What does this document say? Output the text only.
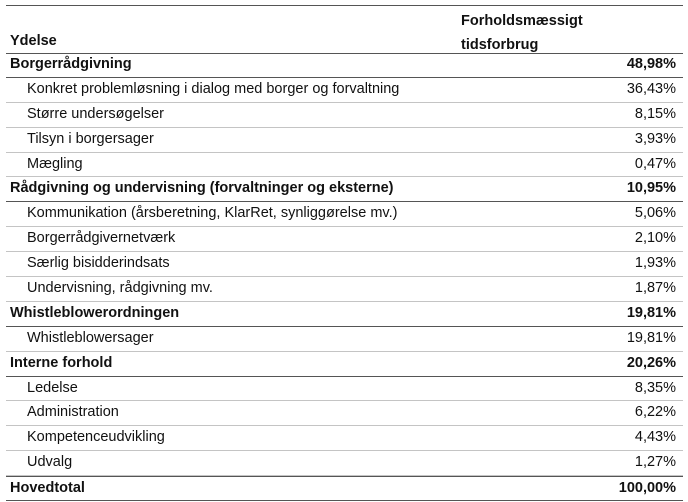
Ydelse
Forholdsmæssigt tidsforbrug
Borgerrådgivning	48,98%
Konkret problemløsning i dialog med borger og forvaltning	36,43%
Større undersøgelser	8,15%
Tilsyn i borgersager	3,93%
Mægling	0,47%
Rådgivning og undervisning (forvaltninger og eksterne)	10,95%
Kommunikation (årsberetning, KlarRet, synliggørelse mv.)	5,06%
Borgerrådgivernetværk	2,10%
Særlig bisidderindsats	1,93%
Undervisning, rådgivning mv.	1,87%
Whistleblowerordningen	19,81%
Whistleblowersager	19,81%
Interne forhold	20,26%
Ledelse	8,35%
Administration	6,22%
Kompetenceudvikling	4,43%
Udvalg	1,27%
Hovedtotal	100,00%
